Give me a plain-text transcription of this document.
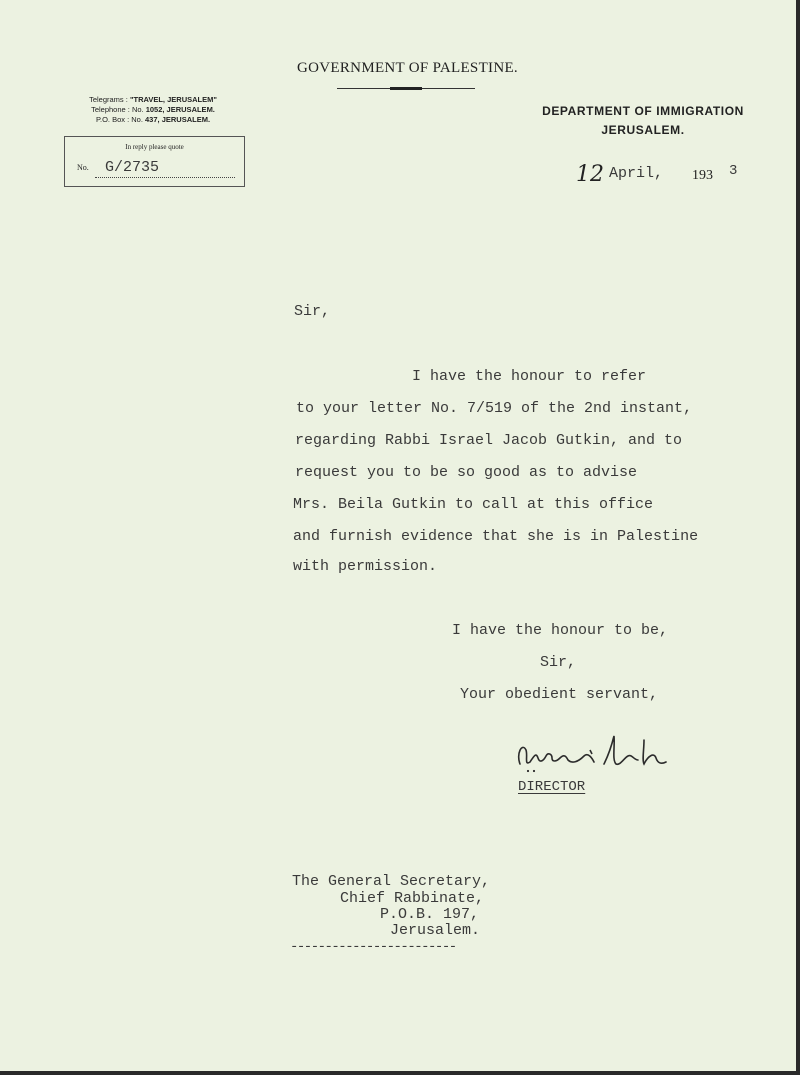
GOVERNMENT OF PALESTINE.
Telegrams : "TRAVEL, JERUSALEM"
Telephone : No. 1052, JERUSALEM.
P.O. Box : No. 437, JERUSALEM.
In reply please quote
No. G/2735
DEPARTMENT OF IMMIGRATION
JERUSALEM.
12 April, 193 3
Sir,
I have the honour to refer
to your letter No. 7/519 of the 2nd instant,
regarding Rabbi Israel Jacob Gutkin, and to
request you to be so good as to advise
Mrs. Beila Gutkin to call at this office
and furnish evidence that she is in Palestine
with permission.
I have the honour to be,
Sir,
Your obedient servant,
DIRECTOR
The General Secretary,
Chief Rabbinate,
P.O.B. 197,
Jerusalem.
------------------------
